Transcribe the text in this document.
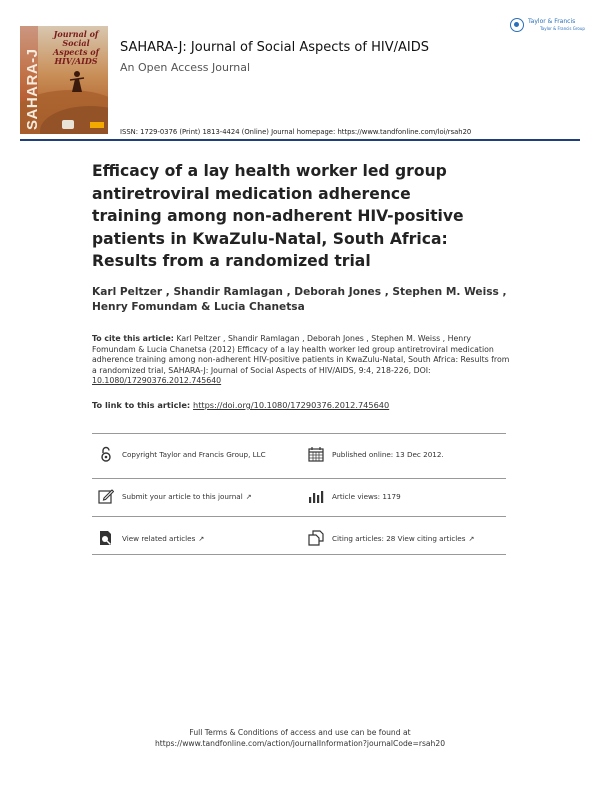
Journal of Social Aspects of HIV/AIDS
SAHARA-J
Taylor & Francis
Taylor & Francis Group
SAHARA-J: Journal of Social Aspects of HIV/AIDS
An Open Access Journal
ISSN: 1729-0376 (Print) 1813-4424 (Online) Journal homepage: https://www.tandfonline.com/loi/rsah20
Efficacy of a lay health worker led group antiretroviral medication adherence training among non-adherent HIV-positive patients in KwaZulu-Natal, South Africa: Results from a randomized trial
Karl Peltzer , Shandir Ramlagan , Deborah Jones , Stephen M. Weiss , Henry Fomundam & Lucia Chanetsa
To cite this article: Karl Peltzer , Shandir Ramlagan , Deborah Jones , Stephen M. Weiss , Henry Fomundam & Lucia Chanetsa (2012) Efficacy of a lay health worker led group antiretroviral medication adherence training among non-adherent HIV-positive patients in KwaZulu-Natal, South Africa: Results from a randomized trial, SAHARA-J: Journal of Social Aspects of HIV/AIDS, 9:4, 218-226, DOI: 10.1080/17290376.2012.745640
To link to this article: https://doi.org/10.1080/17290376.2012.745640
Copyright Taylor and Francis Group, LLC	Published online: 13 Dec 2012.
Submit your article to this journal ↗	Article views: 1179
View related articles ↗	Citing articles: 28 View citing articles ↗
Full Terms & Conditions of access and use can be found at
https://www.tandfonline.com/action/journalInformation?journalCode=rsah20
